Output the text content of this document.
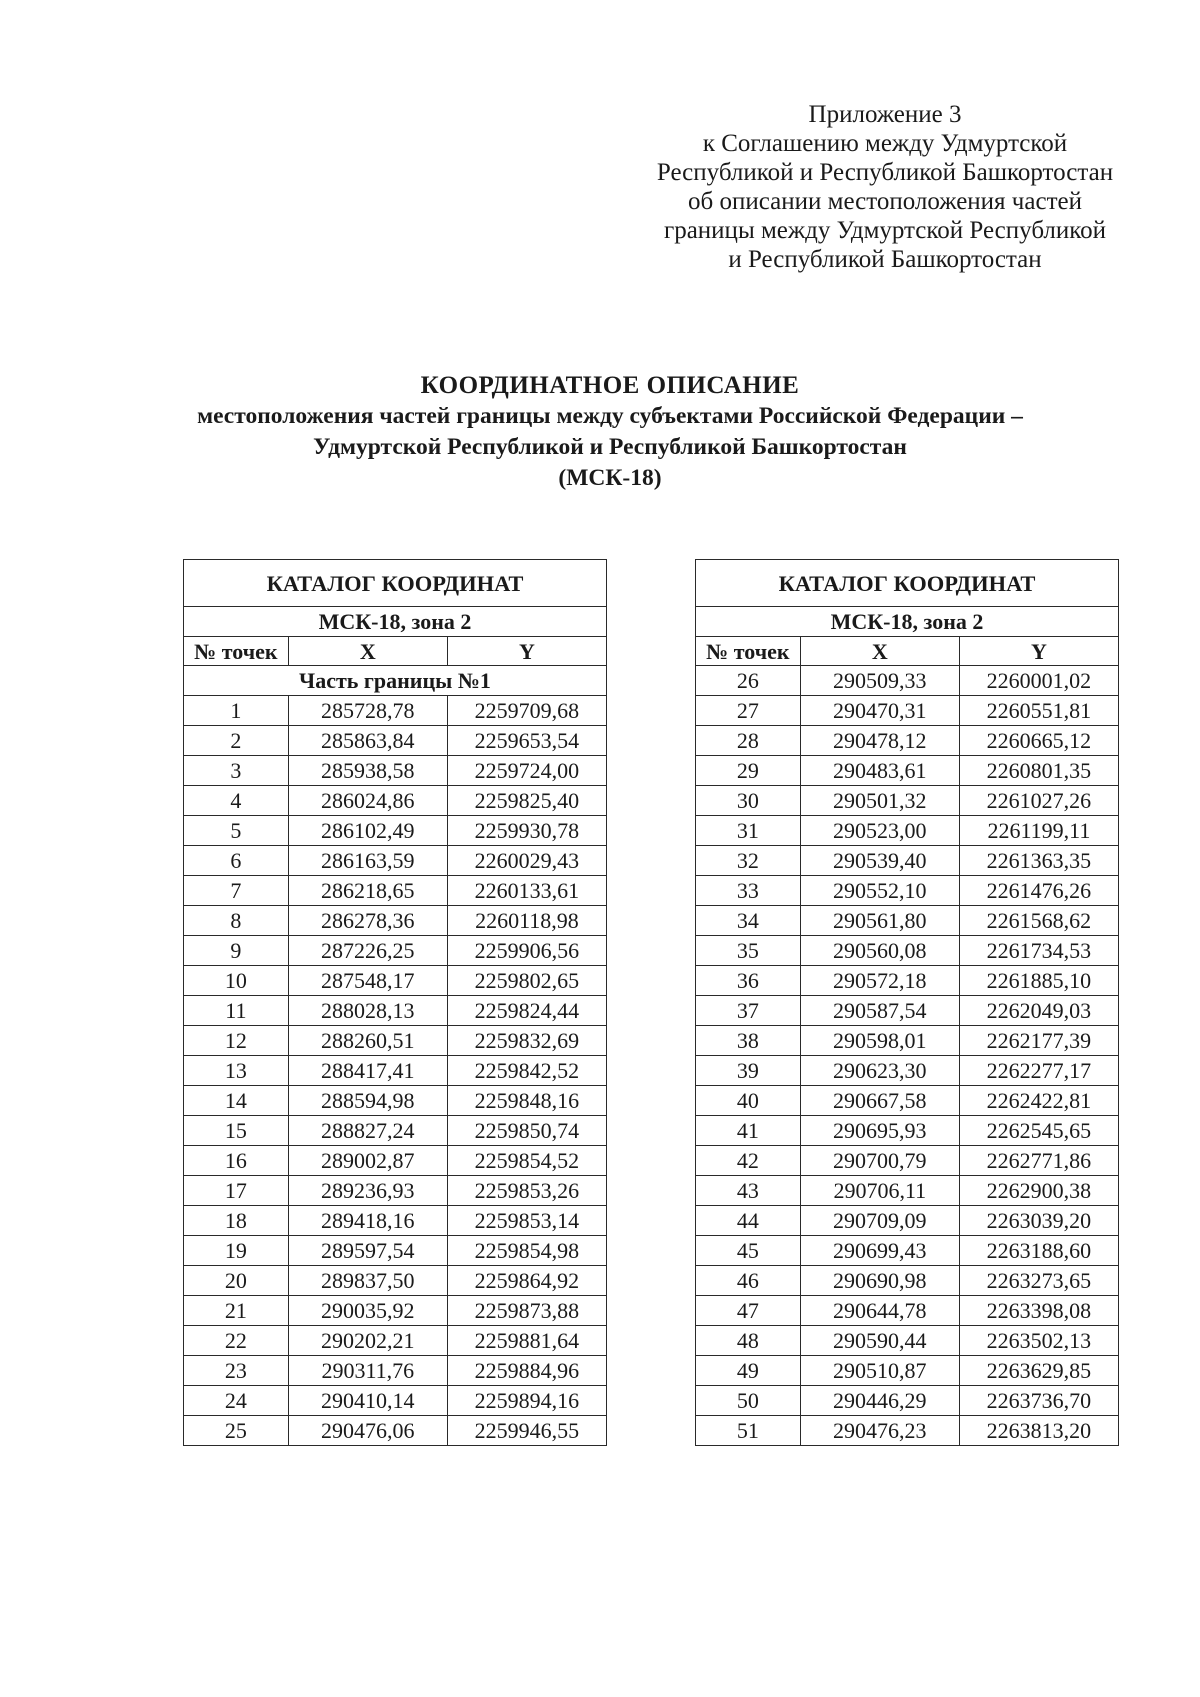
Приложение 3
к Соглашению между Удмуртской
Республикой и Республикой Башкортостан
об описании местоположения частей
границы между Удмуртской Республикой
и Республикой Башкортостан
КООРДИНАТНОЕ ОПИСАНИЕ
местоположения частей границы между субъектами Российской Федерации –
Удмуртской Республикой и Республикой Башкортостан
(МСК-18)
КАТАЛОГ КООРДИНАТ		
МСК-18, зона 2		
№ точек	X	Y
Часть границы №1		
1	285728,78	2259709,68
2	285863,84	2259653,54
3	285938,58	2259724,00
4	286024,86	2259825,40
5	286102,49	2259930,78
6	286163,59	2260029,43
7	286218,65	2260133,61
8	286278,36	2260118,98
9	287226,25	2259906,56
10	287548,17	2259802,65
11	288028,13	2259824,44
12	288260,51	2259832,69
13	288417,41	2259842,52
14	288594,98	2259848,16
15	288827,24	2259850,74
16	289002,87	2259854,52
17	289236,93	2259853,26
18	289418,16	2259853,14
19	289597,54	2259854,98
20	289837,50	2259864,92
21	290035,92	2259873,88
22	290202,21	2259881,64
23	290311,76	2259884,96
24	290410,14	2259894,16
25	290476,06	2259946,55
КАТАЛОГ КООРДИНАТ		
МСК-18, зона 2		
№ точек	X	Y
26	290509,33	2260001,02
27	290470,31	2260551,81
28	290478,12	2260665,12
29	290483,61	2260801,35
30	290501,32	2261027,26
31	290523,00	2261199,11
32	290539,40	2261363,35
33	290552,10	2261476,26
34	290561,80	2261568,62
35	290560,08	2261734,53
36	290572,18	2261885,10
37	290587,54	2262049,03
38	290598,01	2262177,39
39	290623,30	2262277,17
40	290667,58	2262422,81
41	290695,93	2262545,65
42	290700,79	2262771,86
43	290706,11	2262900,38
44	290709,09	2263039,20
45	290699,43	2263188,60
46	290690,98	2263273,65
47	290644,78	2263398,08
48	290590,44	2263502,13
49	290510,87	2263629,85
50	290446,29	2263736,70
51	290476,23	2263813,20
